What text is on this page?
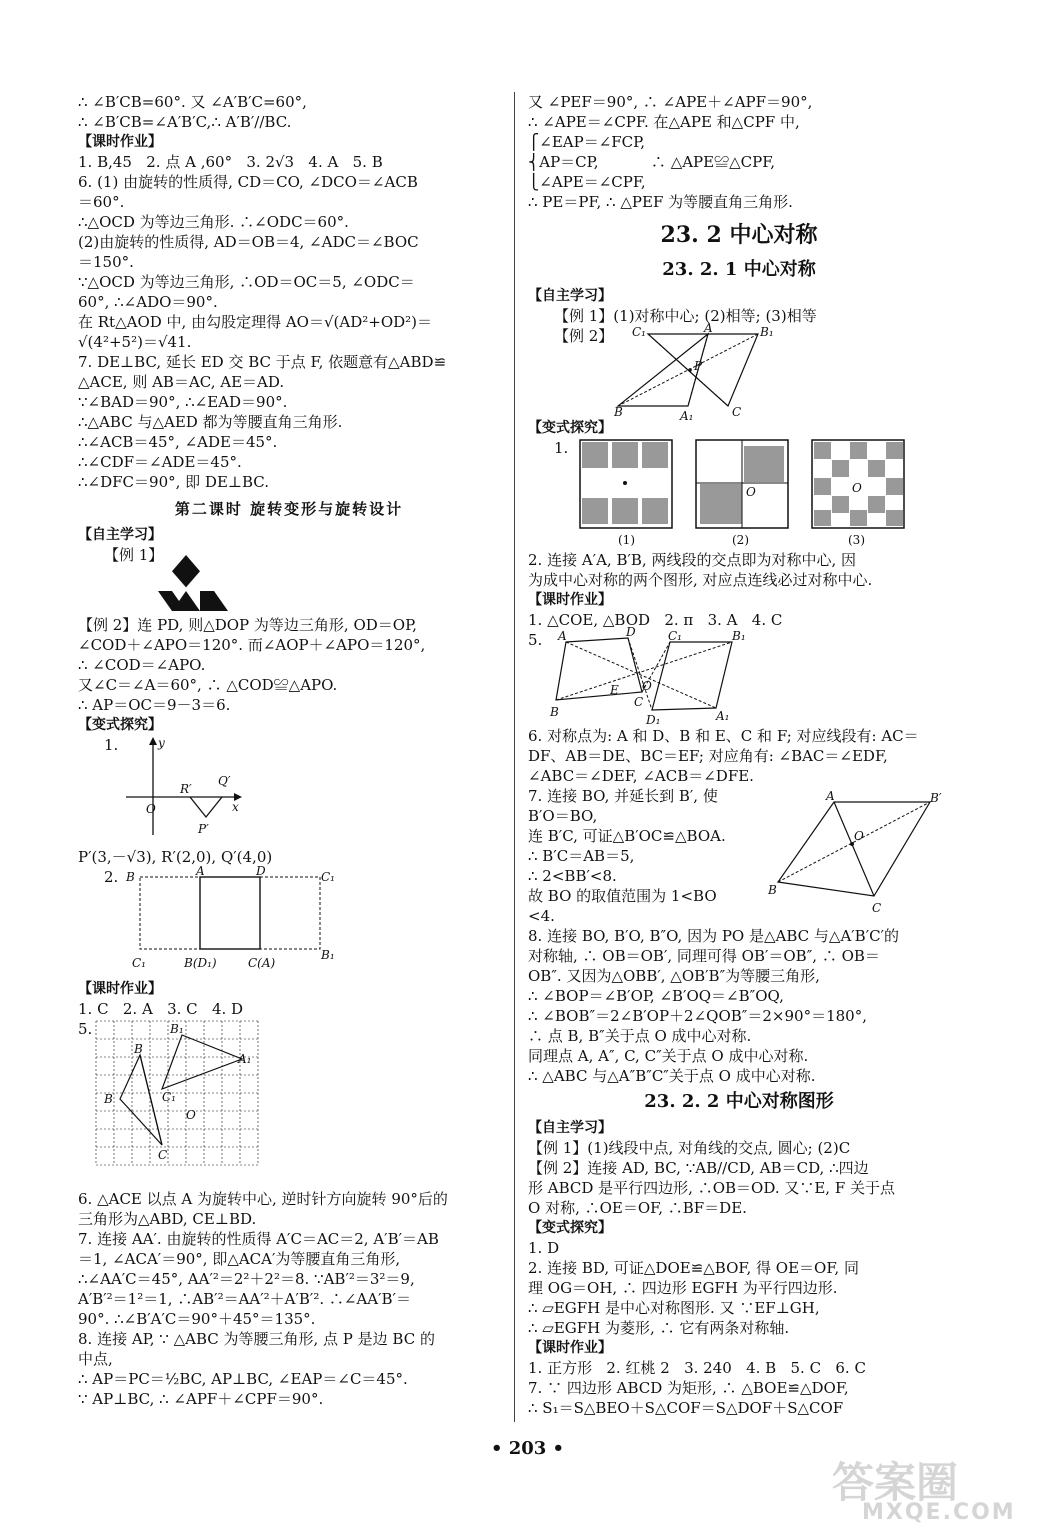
∴ ∠B′CB=60°. 又 ∠A′B′C=60°,
∴ ∠B′CB=∠A′B′C,∴ A′B′//BC.
【课时作业】
1. B,45   2. 点 A ,60°   3. 2√3   4. A   5. B
6. (1) 由旋转的性质得, CD＝CO, ∠DCO＝∠ACB
＝60°.
∴△OCD 为等边三角形. ∴∠ODC＝60°.
(2)由旋转的性质得, AD＝OB＝4, ∠ADC＝∠BOC
＝150°.
∵△OCD 为等边三角形, ∴OD＝OC＝5, ∠ODC＝
60°, ∴∠ADO＝90°.
在 Rt△AOD 中, 由勾股定理得 AO＝√(AD²+OD²)＝
√(4²+5²)＝√41.
7. DE⊥BC, 延长 ED 交 BC 于点 F, 依题意有△ABD≌
△ACE, 则 AB＝AC, AE＝AD.
∵∠BAD＝90°, ∴∠EAD＝90°.
∴△ABC 与△AED 都为等腰直角三角形.
∴∠ACB＝45°, ∠ADE＝45°.
∴∠CDF＝∠ADE＝45°.
∴∠DFC＝90°, 即 DE⊥BC.
第二课时 旋转变形与旋转设计
【自主学习】
【例 1】
【例 2】连 PD, 则△DOP 为等边三角形, OD＝OP,
∠COD＋∠APO＝120°. 而∠AOP＋∠APO＝120°,
∴ ∠COD＝∠APO.
又∠C＝∠A＝60°, ∴ △COD≌△APO.
∴ AP＝OC＝9－3＝6.
【变式探究】
1.	y
x
O
R′
Q′
P′
P′(3,－√3), R′(2,0), Q′(4,0)
2. B	A	D	C₁
C₁	B(D₁)	C(A)
B₁
【课时作业】
1. C   2. A   3. C   4. D
5.
B
B₁
A₁
B	C₁
O
C
6. △ACE 以点 A 为旋转中心, 逆时针方向旋转 90°后的
三角形为△ABD, CE⊥BD.
7. 连接 AA′. 由旋转的性质得 A′C＝AC＝2, A′B′＝AB
＝1, ∠ACA′＝90°, 即△ACA′为等腰直角三角形,
∴∠AA′C＝45°, AA′²＝2²＋2²＝8. ∵AB′²＝3²＝9,
A′B′²＝1²＝1, ∴AB′²＝AA′²＋A′B′². ∴∠AA′B′＝
90°. ∴∠B′A′C＝90°＋45°＝135°.
8. 连接 AP, ∵ △ABC 为等腰三角形, 点 P 是边 BC 的
中点,
∴ AP＝PC＝½BC, AP⊥BC, ∠EAP＝∠C＝45°.
∵ AP⊥BC, ∴ ∠APF＋∠CPF＝90°.
又 ∠PEF＝90°, ∴ ∠APE＋∠APF＝90°,
∴ ∠APE＝∠CPF. 在△APE 和△CPF 中,
⎧∠EAP＝∠FCP,
⎨AP＝CP,           ∴ △APE≌△CPF,
⎩∠APE＝∠CPF,
∴ PE＝PF, ∴ △PEF 为等腰直角三角形.
23. 2 中心对称
23. 2. 1 中心对称
【自主学习】
【例 1】(1)对称中心; (2)相等; (3)相等
【例 2】 C₁	A	B₁
P
B	A₁	C
【变式探究】
1.
O	O
(1)	(2)	(3)
2. 连接 A′A, B′B, 两线段的交点即为对称中心, 因
为成中心对称的两个图形, 对应点连线必过对称中心.
【课时作业】
1. △COE, △BOD   2. π   3. A   4. C
5. A	D	C₁	B₁
C
O
B
D₁	A₁
E
6. 对称点为: A 和 D、B 和 E、C 和 F; 对应线段有: AC＝
DF、AB＝DE、BC＝EF; 对应角有: ∠BAC＝∠EDF,
∠ABC＝∠DEF, ∠ACB＝∠DFE.
7. 连接 BO, 并延长到 B′, 使
B′O＝BO,
连 B′C, 可证△B′OC≌△BOA.
∴ B′C＝AB＝5,
∴ 2<BB′<8.
故 BO 的取值范围为 1<BO
<4.
A	B′
O
B
C
8. 连接 BO, B′O, B″O, 因为 PO 是△ABC 与△A′B′C′的
对称轴, ∴ OB＝OB′, 同理可得 OB′＝OB″, ∴ OB＝
OB″. 又因为△OBB′, △OB′B″为等腰三角形,
∴ ∠BOP＝∠B′OP, ∠B′OQ＝∠B″OQ,
∴ ∠BOB″＝2∠B′OP＋2∠QOB″＝2×90°＝180°,
∴ 点 B, B″关于点 O 成中心对称.
同理点 A, A″, C, C″关于点 O 成中心对称.
∴ △ABC 与△A″B″C″关于点 O 成中心对称.
23. 2. 2 中心对称图形
【自主学习】
【例 1】(1)线段中点, 对角线的交点, 圆心; (2)C
【例 2】连接 AD, BC, ∵AB//CD, AB＝CD, ∴四边
形 ABCD 是平行四边形, ∴OB＝OD. 又∵E, F 关于点
O 对称, ∴OE＝OF, ∴BF＝DE.
【变式探究】
1. D
2. 连接 BD, 可证△DOE≌△BOF, 得 OE＝OF, 同
理 OG＝OH, ∴ 四边形 EGFH 为平行四边形.
∴ ▱EGFH 是中心对称图形. 又 ∵EF⊥GH,
∴ ▱EGFH 为菱形, ∴ 它有两条对称轴.
【课时作业】
1. 正方形   2. 红桃 2   3. 240   4. B   5. C   6. C
7. ∵ 四边形 ABCD 为矩形, ∴ △BOE≌△DOF,
∴ S₁＝S△BEO＋S△COF＝S△DOF＋S△COF
• 203 •
答案圈
MXQE.COM
